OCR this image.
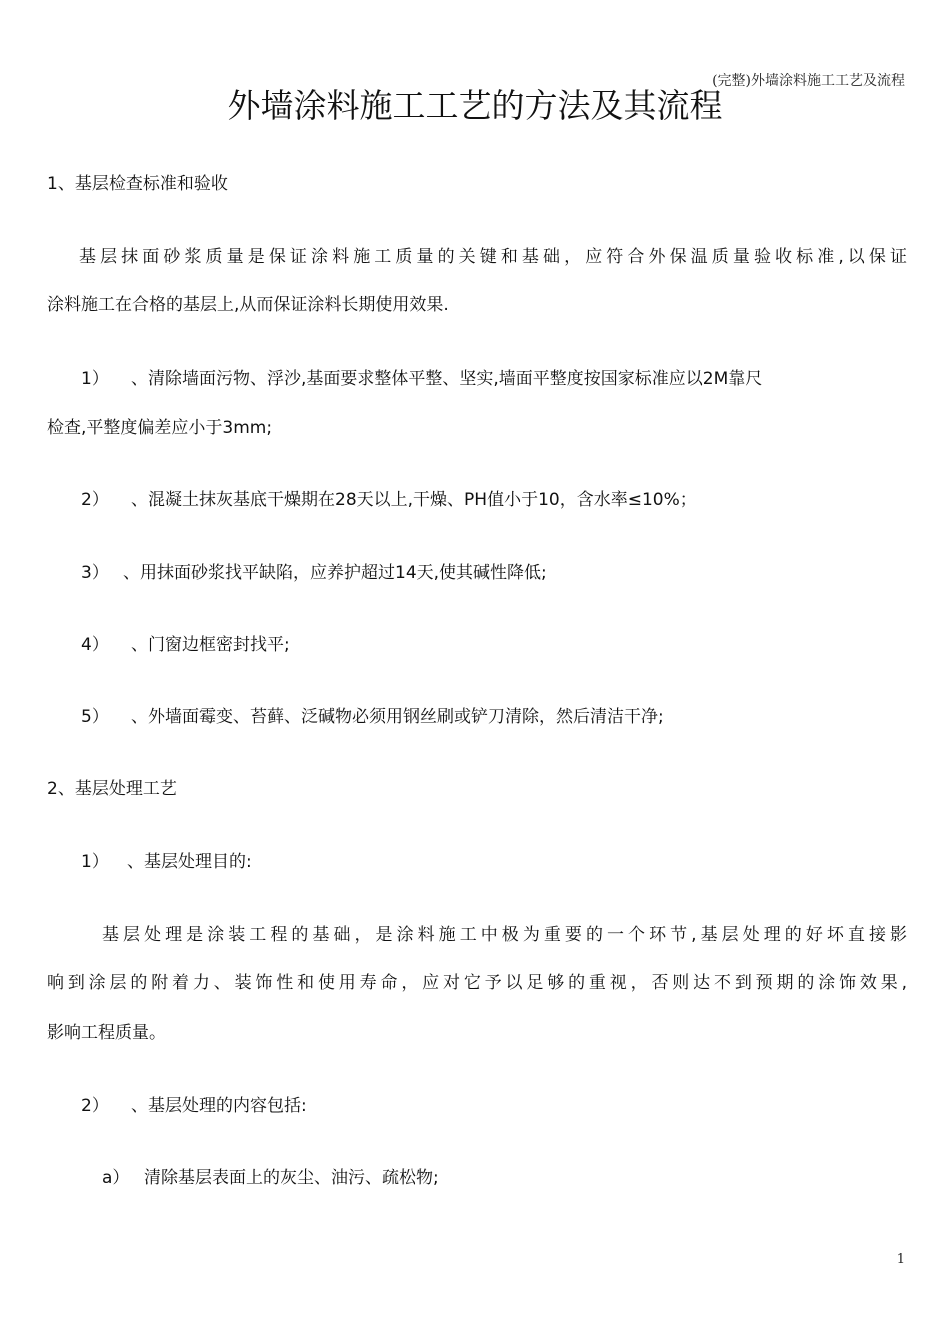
(完整)外墙涂料施工工艺及流程
外墙涂料施工工艺的方法及其流程
1、基层检查标准和验收
基层抹面砂浆质量是保证涂料施工质量的关键和基础，应符合外保温质量验收标准,以保证
涂料施工在合格的基层上,从而保证涂料长期使用效果.
1） 、清除墙面污物、浮沙,基面要求整体平整、坚实,墙面平整度按国家标准应以2M靠尺
检查,平整度偏差应小于3mm;
2） 、混凝土抹灰基底干燥期在28天以上,干燥、PH值小于10，含水率≤10%；
3） 、用抹面砂浆找平缺陷，应养护超过14天,使其碱性降低;
4） 、门窗边框密封找平;
5） 、外墙面霉变、苔藓、泛碱物必须用钢丝刷或铲刀清除，然后清洁干净;
2、基层处理工艺
1） 、基层处理目的:
基层处理是涂装工程的基础，是涂料施工中极为重要的一个环节,基层处理的好坏直接影
响到涂层的附着力、装饰性和使用寿命，应对它予以足够的重视，否则达不到预期的涂饰效果,
影响工程质量。
2） 、基层处理的内容包括:
a） 清除基层表面上的灰尘、油污、疏松物;
1
